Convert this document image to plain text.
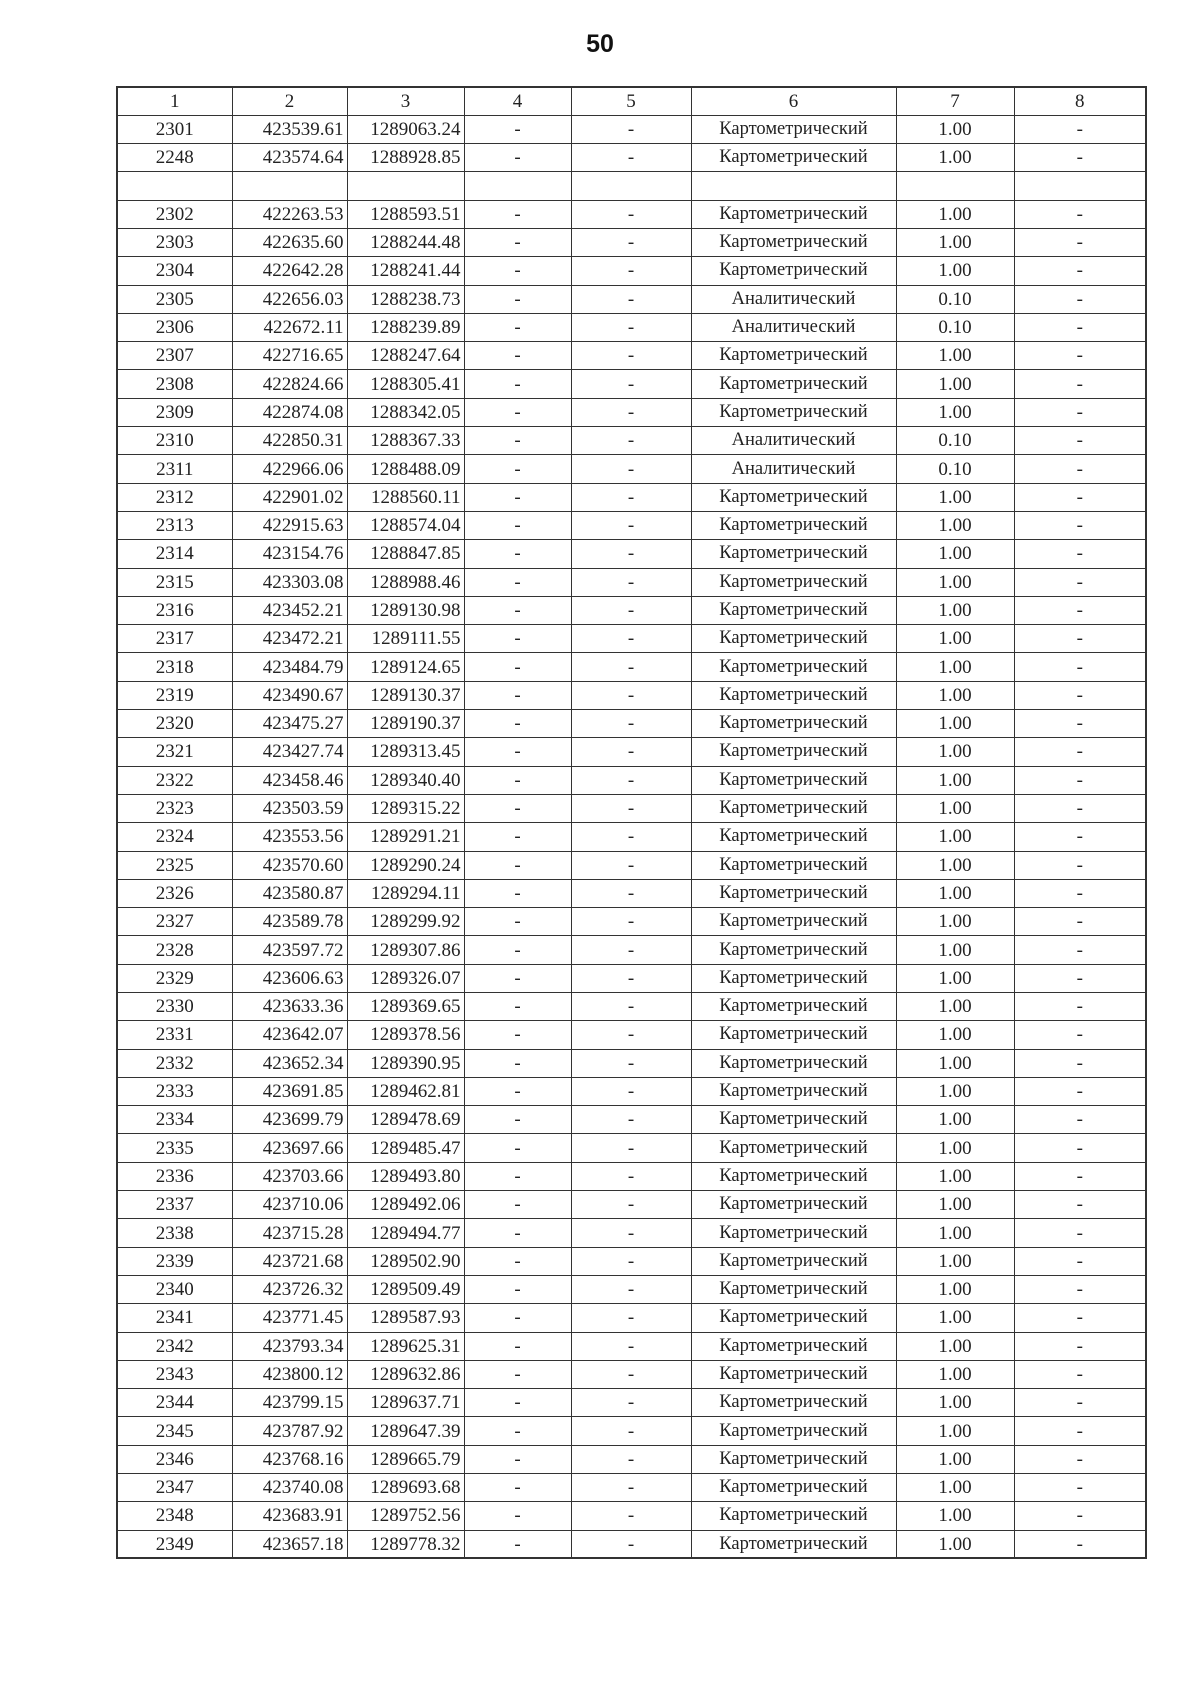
50
1	2	3	4	5	6	7	8
2301	423539.61	1289063.24	-	-	Картометрический	1.00	-
2248	423574.64	1288928.85	-	-	Картометрический	1.00	-

2302	422263.53	1288593.51	-	-	Картометрический	1.00	-
2303	422635.60	1288244.48	-	-	Картометрический	1.00	-
2304	422642.28	1288241.44	-	-	Картометрический	1.00	-
2305	422656.03	1288238.73	-	-	Аналитический	0.10	-
2306	422672.11	1288239.89	-	-	Аналитический	0.10	-
2307	422716.65	1288247.64	-	-	Картометрический	1.00	-
2308	422824.66	1288305.41	-	-	Картометрический	1.00	-
2309	422874.08	1288342.05	-	-	Картометрический	1.00	-
2310	422850.31	1288367.33	-	-	Аналитический	0.10	-
2311	422966.06	1288488.09	-	-	Аналитический	0.10	-
2312	422901.02	1288560.11	-	-	Картометрический	1.00	-
2313	422915.63	1288574.04	-	-	Картометрический	1.00	-
2314	423154.76	1288847.85	-	-	Картометрический	1.00	-
2315	423303.08	1288988.46	-	-	Картометрический	1.00	-
2316	423452.21	1289130.98	-	-	Картометрический	1.00	-
2317	423472.21	1289111.55	-	-	Картометрический	1.00	-
2318	423484.79	1289124.65	-	-	Картометрический	1.00	-
2319	423490.67	1289130.37	-	-	Картометрический	1.00	-
2320	423475.27	1289190.37	-	-	Картометрический	1.00	-
2321	423427.74	1289313.45	-	-	Картометрический	1.00	-
2322	423458.46	1289340.40	-	-	Картометрический	1.00	-
2323	423503.59	1289315.22	-	-	Картометрический	1.00	-
2324	423553.56	1289291.21	-	-	Картометрический	1.00	-
2325	423570.60	1289290.24	-	-	Картометрический	1.00	-
2326	423580.87	1289294.11	-	-	Картометрический	1.00	-
2327	423589.78	1289299.92	-	-	Картометрический	1.00	-
2328	423597.72	1289307.86	-	-	Картометрический	1.00	-
2329	423606.63	1289326.07	-	-	Картометрический	1.00	-
2330	423633.36	1289369.65	-	-	Картометрический	1.00	-
2331	423642.07	1289378.56	-	-	Картометрический	1.00	-
2332	423652.34	1289390.95	-	-	Картометрический	1.00	-
2333	423691.85	1289462.81	-	-	Картометрический	1.00	-
2334	423699.79	1289478.69	-	-	Картометрический	1.00	-
2335	423697.66	1289485.47	-	-	Картометрический	1.00	-
2336	423703.66	1289493.80	-	-	Картометрический	1.00	-
2337	423710.06	1289492.06	-	-	Картометрический	1.00	-
2338	423715.28	1289494.77	-	-	Картометрический	1.00	-
2339	423721.68	1289502.90	-	-	Картометрический	1.00	-
2340	423726.32	1289509.49	-	-	Картометрический	1.00	-
2341	423771.45	1289587.93	-	-	Картометрический	1.00	-
2342	423793.34	1289625.31	-	-	Картометрический	1.00	-
2343	423800.12	1289632.86	-	-	Картометрический	1.00	-
2344	423799.15	1289637.71	-	-	Картометрический	1.00	-
2345	423787.92	1289647.39	-	-	Картометрический	1.00	-
2346	423768.16	1289665.79	-	-	Картометрический	1.00	-
2347	423740.08	1289693.68	-	-	Картометрический	1.00	-
2348	423683.91	1289752.56	-	-	Картометрический	1.00	-
2349	423657.18	1289778.32	-	-	Картометрический	1.00	-
